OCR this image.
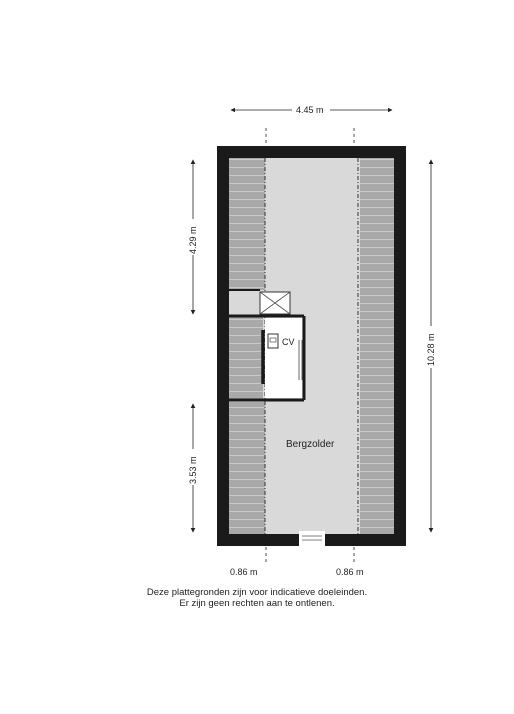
CV
Bergzolder
4.45 m
10.28 m
4.29 m
3.53 m
0.86 m	0.86 m
Deze plattegronden zijn voor indicatieve doeleinden.
Er zijn geen rechten aan te ontlenen.
